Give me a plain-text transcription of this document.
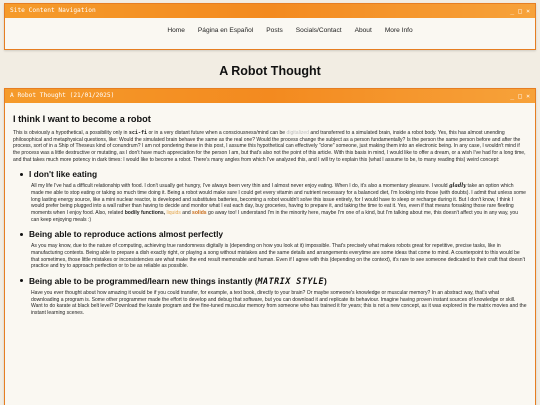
Site Content Navigation	_ □ ×
Home Página en Español Posts Socials/Contact About More Info
A Robot Thought
A Robot Thought (21/01/2025)	_ □ ×
I think I want to become a robot

This is obviously a hypothetical, a possibility only in sci-fi or in a very distant future when a consciousness/mind can be digitalized and transferred to a simulated brain, inside a robot body. Yes, this has almost unending philosophical and metaphysical questions, like: Would the simulated brain behave the same as the real one? Would the process change the subject as a person fundamentally? Is the person the same person before and after the process, sort of in a Ship of Theseus kind of conundrum? I am not pondering these in this post, I assume this hypothetical can effectively "clone" someone, just making them into an electronic being. In any case, I wouldn't mind if the process was a little destructive or mutating, as I don't have much appreciation for the person I am, but that's also not the point of this article. With this basis in mind, I would like to offer a dream, or a wish I've had for a long time, and that takes much more potency in dark times: I would like to become a robot. There's many angles from which I've analyzed this, and I will try to explain this (what I assume to be, to many reading this) weird concept:

I don't like eating

All my life I've had a difficult relationship with food. I don't usually get hungry, I've always been very thin and I almost never enjoy eating. When I do, it's also a momentary pleasure. I would gladly take an option which made me able to stop eating or taking so much time doing it. Being a robot would make sure I could get every vitamin and nutrient necessary for a balanced diet, I'm looking into those (with doubts). I admit that unless some long lasting energy source, like a mini nuclear reactor, is developed and substitutes batteries, becoming a robot wouldn't solve this issue entirely, for I would have to sleep or recharge during it. But I don't know, I think I would prefer being plugged into a wall rather than having to decide and monitor what I eat each day, buy groceries, having to prepare it, and taking the time to eat it. Yes, even if that means forsaking those rare fleeting moments when I enjoy food. Also, related bodily functions, liquids and solids go away too! I understand I'm in the minority here, maybe I'm one of a kind, but I'm talking about me, this doesn't affect you in any way, you can keep enjoying meals :)

Being able to reproduce actions almost perfectly

As you may know, due to the nature of computing, achieving true randomness digitally is (depending on how you look at it) impossible. That's precisely what makes robots great for repetitive, precise tasks, like in manufacturing contexts. Being able to prepare a dish exactly right, or playing a song without mistakes and the same details and arrangements everytime are some ideas that come to mind. A counterpoint to this would be that sometimes, those little mistakes or inconsistencies are what make the end result memorable and human. Even if I agree with this (depending on the context), it's rare to see someone dedicated to their craft that doesn't practice and try to approach perfection or to be as reliable as possible.

Being able to be programmed/learn new things instantly (MATRIX STYLE)

Have you ever thought about how amazing it would be if you could transfer, for example, a text book, directly to your brain? Or maybe someone's knowledge or muscular memory? In an abstract way, that's what downloading a program is. Some other programmer made the effort to develop and debug that software, but you can download it and replicate its behaviour. Imagine having proven instant sources of knowledge or skill. Want to do karate at black belt level? Download the karate program and the fine-tuned muscular memory from someone who has trained it for years; this is not a new concept, as it was explored in the matrix movies and the instant learning scenes.
